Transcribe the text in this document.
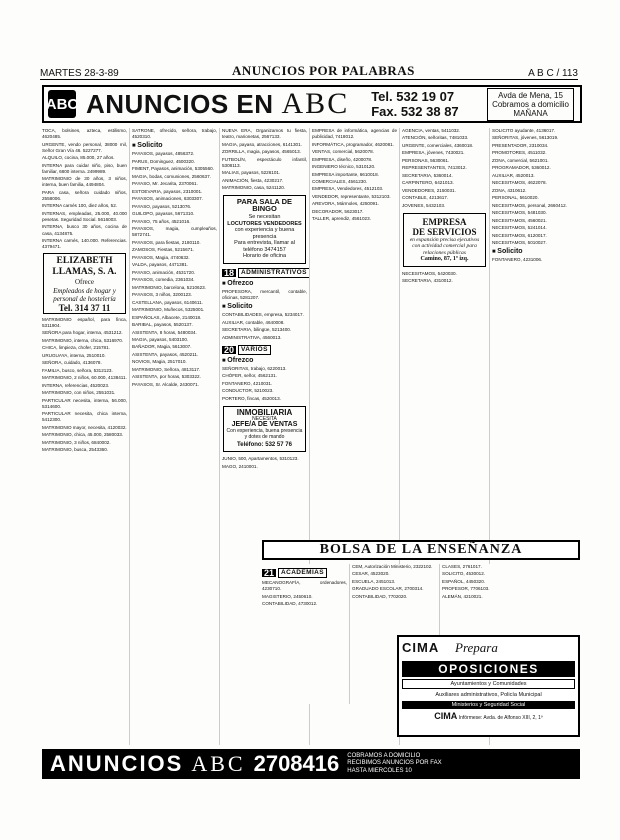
MARTES 28-3-89	ANUNCIOS POR PALABRAS	A B C / 113
ABC ANUNCIOS EN ABC Tel. 532 19 07
Fax. 532 38 87
Avda de Mena, 15
Cobramos a domicilio
MAÑANA

TOCA, bolsines, azteca, estilismo, 4620485.

URGENTE, vendo personal, 38000 mil, Señor Gran Vía 46. 5227277.

ALQUILO, cocina, 85.000, 27 años.

INTERNA para cuidar niño, piso, buen familiar, 6800 interna. 2499989.

MATRIMONIO de 30 años, 3 niños, interna, buen familia, 4494804.

PARA casa, señora cuidado niños, 2558006.

INTERNA carnés 100, diez años, 52.

INTERNAS, empleadas, 25.000, 40.000 pesetas. Seguridad Social. 5616003.

INTERNA, busco 30 años, cocina de casa, 4134875.

INTERNA carnés, 140.000. Referencias. 4379471.

ELIZABETH
LLAMAS, S. A.
Ofrece
Empleados de hogar y personal de hostelería
Tel. 314 37 11

MATRIMONIO español, para finca, 5311904.

SEÑORA para hogar, interna, 4531212.

MATRIMONIO, interna, chica, 5316970.

CHICA, limpieza, chofer, 215781.

URUGUAYA, interna, 2510010.

SEÑORA, cuidado, 4136078.

FAMILIA, busco, señora, 5312123.

MATRIMONIO, 2 niños, 60.000, 4138411.

INTERNA, referencias, 4520023.

MATRIMONIO, con niños, 2551031.

PARTICULAR necesita, interna, 56.000, 5314600.

PARTICULAR necesita, chica interna, 5412300.

MATRIMONIO mayor, necesita, 4120032.

MATRIMONIO, chica, 45.000, 2580033.

MATRIMONIO, 3 niños, 6840002.

MATRIMONIO, busca, 2543360.

SATRONE, ofrecido, señora, trabajo, 4520310.

■ Solicito

PAYASOS, payasos, 4856372.

PARUS, Dominguez, 4500320.

FIMENT, Payasos, animación, 5305560.

MAGIA, bodas, comuniones, 2560637.

PAYASO, Mr. Jecarita, 2370061.

ESTOEVARIA, payasos, 2310001.

PAYASOS, animaciones, 6303307.

PAYASO, payasos, 5213076.

GUILOPO, payasos, 5671310.

PAYASO, 75 años, 4521016.

PAYASOS, magia, cumpleaños, 5872741.

PAYASOS, para fiestas, 2180110.

ZAMOSOS, Fiestas, 5215671.

PAYASOS, Magia, 4740632.

VALDA, payasos, 4471381.

PAYASO, animación, 4531720.

PAYASOS, comedia, 2361034.

MATRIMONIO, barcelona, 5210623.

PAYASOS, 3 niños, 3200123.

CASTELLANA, payasos, 6140611.

MATRIMONIO, Muñecos, 5325001.

ESPAÑOLAS, Albacete, 2140018.

BARIBAL, payasos, 5520137.

ASISTENTA, 8 horas, 5480034.

MAGIA, payasos, 5403100.

BAÑADOR, Magia, 5613007.

ASISTENTA, payasos, 4520211.

NOVIOS, Magia, 2517010.

MATRIMONIO, Señora, 4813117.

ASISTENTA, por horas, 5303322.

PAYASOS, Sr. Alcalde, 2430071.

NUEVA ERA, Organizamos tu fiesta, teatro, marionetas, 2567133.

MAGIA, payaso, atracciones, 6141301.

ZORRILLA, magia, payasos, 4565013.

FUTBOLÍN, espectáculo infantil, 5308113.

MALIAS, payasos, 5226101.

ANIMACIÓN, fiesta, 4230217.

MATRIMONIO, casa, 5241120.

PARA SALA DE BINGO
Se necesitan
LOCUTORES VENDEDORES
con experiencia y buena presencia
Para entrevista, llamar al teléfono 3474157
Horario de oficina
18	ADMINISTRATIVOS
■ Ofrezco

PROFESORA, mercantil, contable, oficinas, 5281207.

■ Solicito

CONTABILIDADES, empresa, 5234017.

AUXILIAR, contable, 4640008.

SECRETARIA, bilingüe, 5213400.

ADMINISTRATIVA, 4560013.

20	VARIOS
■ Ofrezco

SEÑORITAS, trabajo, 6220013.

CHÓFER, señor, 4562131.

FONTANERO, 4210031.

CONDUCTOR, 5210023.

PORTERO, fincas, 4520013.

INMOBILIARIA
NECESITA
JEFE/A DE VENTAS
Con experiencia, buena presencia y dotes de mando
Teléfono: 532 57 76

JUNIO, 500, Apartamentos, 5310123.

MAGO, 2410001.

EMPRESA de informática, agencias de publicidad, 7418012.

INFORMÁTICA, programador, 4620081.

VENTAS, comercial, 5620078.

EMPRESA, diseño, 4200078.

INGENIERO técnico, 5310120.

EMPRESA importante, 6610018.

COMERCIALES, 4561230.

EMPRESA, Vendedores, 4512103.

VENDEDOR, representante, 5312103.

AREVORA, Mármoles, 4250091.

DECORADOR, 5623017.

TALLER, aprendiz, 4561023.

AGENCIA, ventas, 5411032.

ATENCIÓN, señoritas, 7481033.

URGENTE, comerciales, 4360018.

EMPRESA, jóvenes, 7430021.

PERSONAS, 5630061.

REPRESENTANTES, 7413012.

SECRETARIA, 5360014.

CARPINTERO, 6421013.

VENDEDORES, 2150031.

CONTABLE, 4213617.

JOVENES, 5432103.

EMPRESA
DE SERVICIOS
en expansión precisa ejecutivos con actividad comercial para relaciones públicas
Camino, 87, 1º izq.

NECESITAMOS, 5420030.

SECRETARIA, 4310012.

SOLICITO ayudante, 4136017.

SEÑORITAS, jóvenes, 5613019.

PRESENTADOR, 2310034.

PROMOTORES, 4511032.

ZONA, comercial, 5621001.

PROGRAMADOR, 5360012.

AUXILIAR, 4520013.

NECESITAMOS, 4622078.

ZONA, 4310612.

PERSONAL, 5610020.

NECESITAMOS, personal, 2660412.

NECESITAMOS, 5481030.

NECESITAMOS, 4560021.

NECESITAMOS, 5241014.

NECESITAMOS, 6120017.

NECESITAMOS, 5010027.

■ Solicito

FONTANERO, 4231006.

BOLSA DE LA ENSEÑANZA
21	ACADEMIAS

MECANOGRAFÍA, ordenadores, 4230710.

MAGISTERIO, 2450610.

CONTABILIDAD, 4730012.

CEM, Autorización Ministerio, 2322102.

CESAR, 4523020.

ESCUELA, 2451013.

GRADUADO ESCOLAR, 2700314.

CONTABILIDAD, 7702020.

CLASES, 2761017.

SOLICITO, 4530012.

ESPAÑOL, 4450320.

PROFESOR, 7706103.

ALEMÁN, 4210021.

CIMA	Prepara
OPOSICIONES
Ayuntamientos y Comunidades
Auxiliares administrativos, Policía Municipal
Ministerios y Seguridad Social
CIMA Infórmese: Avda. de Alfonso XIII, 2, 1º
ANUNCIOS ABC 2708416 COBRAMOS A DOMICILIO
RECIBIMOS ANUNCIOS POR FAX
HASTA MIERCOLES 10
